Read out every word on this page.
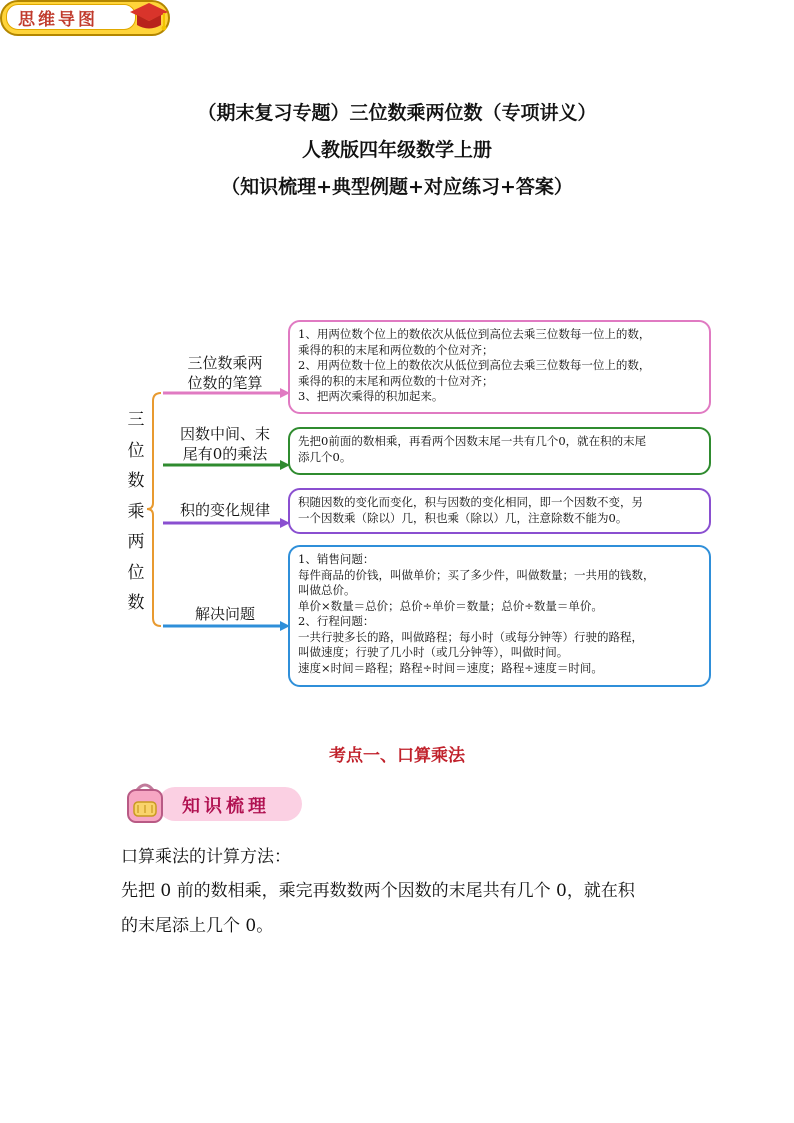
（期末复习专题）三位数乘两位数（专项讲义）
人教版四年级数学上册
（知识梳理+典型例题+对应练习+答案）
思维导图
三
位
数
乘
两
位
数
三位数乘两
位数的笔算
因数中间、末
尾有0的乘法
积的变化规律
解决问题

1、用两位数个位上的数依次从低位到高位去乘三位数每一位上的数，

乘得的积的末尾和两位数的个位对齐；

2、用两位数十位上的数依次从低位到高位去乘三位数每一位上的数，

乘得的积的末尾和两位数的十位对齐；

3、把两次乘得的积加起来。

先把0前面的数相乘，再看两个因数末尾一共有几个0，就在积的末尾

添几个0。

积随因数的变化而变化，积与因数的变化相同，即一个因数不变，另

一个因数乘（除以）几，积也乘（除以）几，注意除数不能为0。

1、销售问题：

每件商品的价钱，叫做单价；买了多少件，叫做数量；一共用的钱数，

叫做总价。

单价×数量＝总价；总价÷单价＝数量；总价÷数量＝单价。

2、行程问题：

一共行驶多长的路，叫做路程；每小时（或每分钟等）行驶的路程，

叫做速度；行驶了几小时（或几分钟等），叫做时间。

速度×时间＝路程；路程÷时间＝速度；路程÷速度＝时间。

考点一、口算乘法
知识梳理
口算乘法的计算方法：
先把 0 前的数相乘，乘完再数数两个因数的末尾共有几个 0，就在积
的末尾添上几个 0。
